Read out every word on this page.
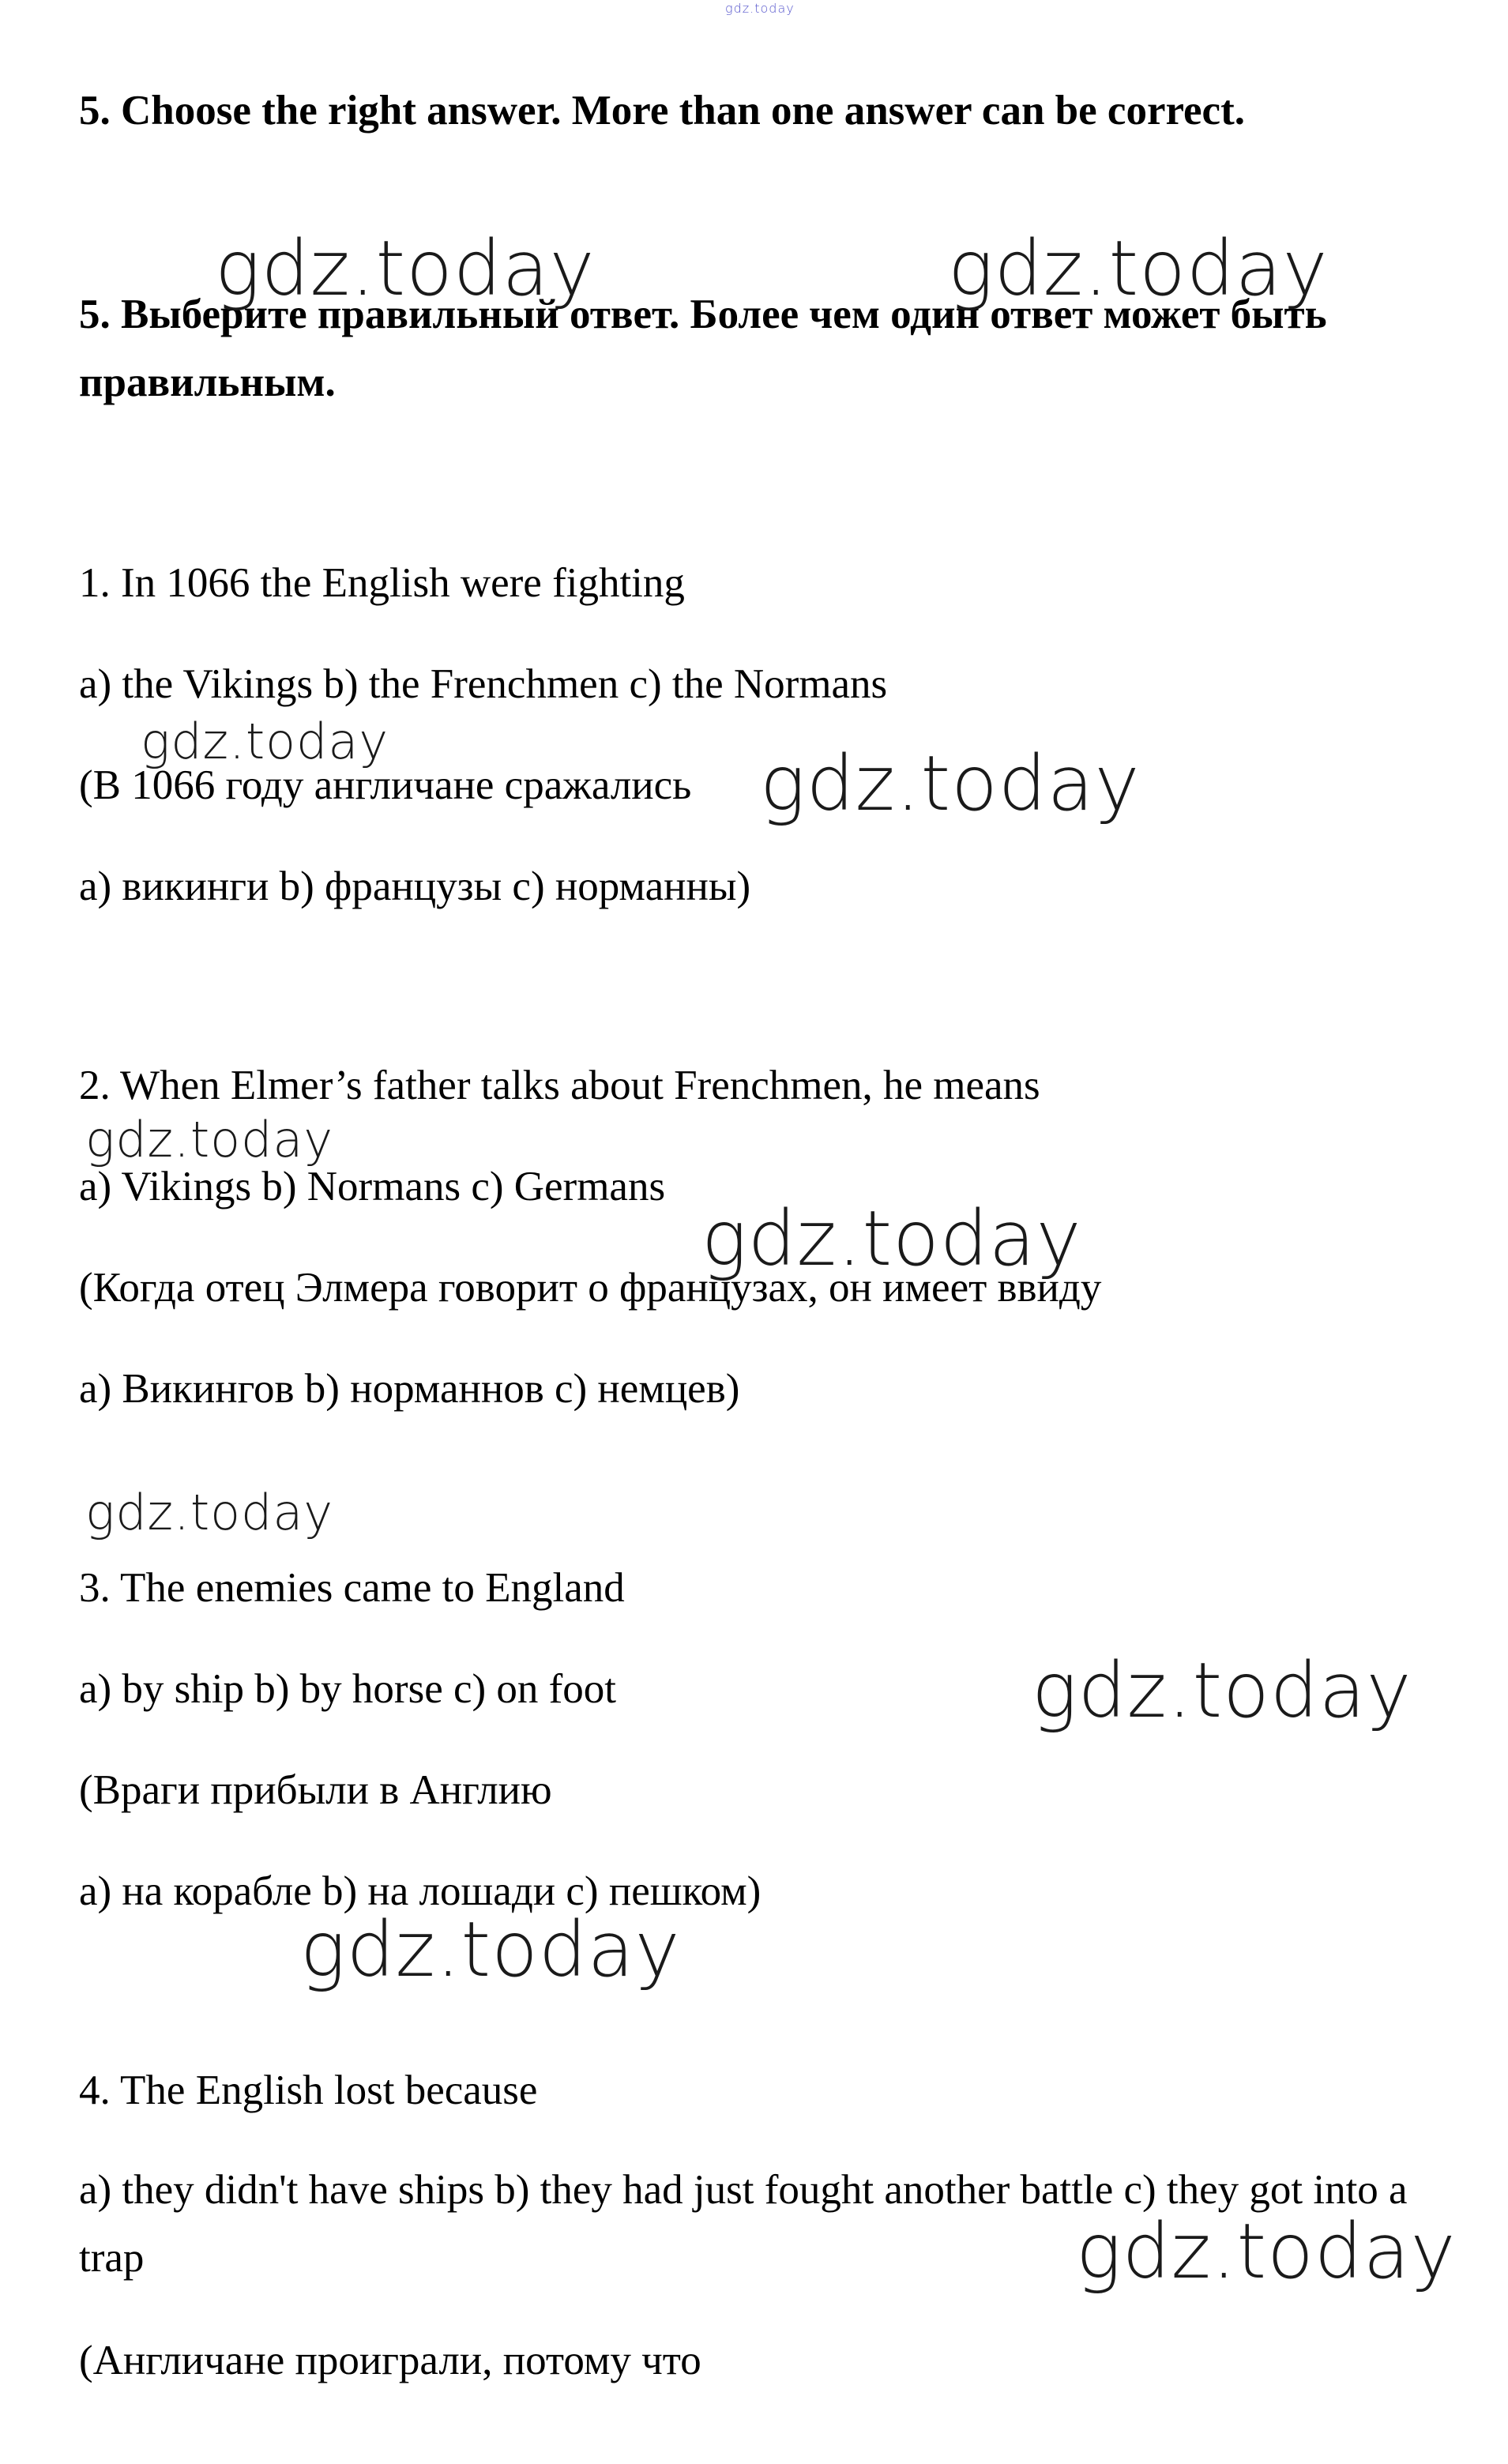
gdz.today

5. Choose the right answer. More than one answer can be correct.

5. Выберите правильный ответ. Более чем один ответ может быть правильным.

1. In 1066 the English were fighting

a) the Vikings b) the Frenchmen c) the Normans

(В 1066 году англичане сражались

а) викинги b) французы c) норманны)

2. When Elmer’s father talks about Frenchmen, he means

a) Vikings b) Normans c) Germans

(Когда отец Элмера говорит о французах, он имеет ввиду

а) Викингов b) норманнов c) немцев)

3. The enemies came to England

a) by ship b) by horse c) on foot

(Враги прибыли в Англию

а) на корабле b) на лошади c) пешком)

4. The English lost because

a) they didn't have ships b) they had just fought another battle c) they got into a trap

(Англичане проиграли, потому что

gdz.today	gdz.today
gdz.today	gdz.today
gdz.today
gdz.today
gdz.today
gdz.today
gdz.today
gdz.today
